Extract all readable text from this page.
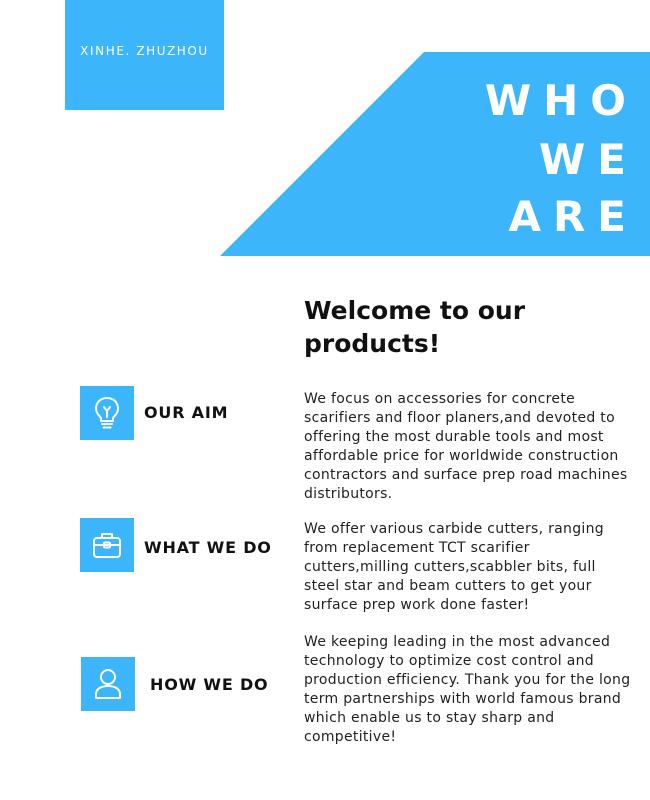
XINHE. ZHUZHOU
WHO
WE
ARE
Welcome to our products!
OUR AIM
We focus on accessories for concrete scarifiers and floor planers,and devoted to offering the most durable tools and most affordable price for worldwide construction contractors and surface prep road machines distributors.
WHAT WE DO
We offer various carbide cutters, ranging from replacement TCT scarifier cutters,milling cutters,scabbler bits, full steel star and beam cutters to get your surface prep work done faster!
HOW WE DO
We keeping leading in the most advanced technology to optimize cost control and production efficiency. Thank you for the long term partnerships with world famous brand which enable us to stay sharp and competitive!
